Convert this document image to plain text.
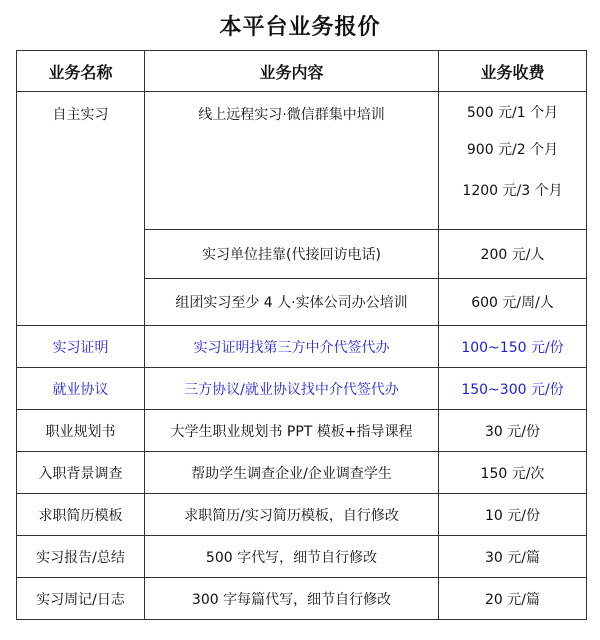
本平台业务报价
业务名称	业务内容	业务收费
自主实习	线上远程实习·微信群集中培训	500 元/1 个月
900 元/2 个月
1200 元/3 个月

	实习单位挂靠(代接回访电话)	200 元/人
	组团实习至少 4 人·实体公司办公培训	600 元/周/人
实习证明	实习证明找第三方中介代签代办	100~150 元/份
就业协议	三方协议/就业协议找中介代签代办	150~300 元/份
职业规划书	大学生职业规划书 PPT 模板+指导课程	30 元/份
入职背景调查	帮助学生调查企业/企业调查学生	150 元/次
求职简历模板	求职简历/实习简历模板，自行修改	10 元/份
实习报告/总结	500 字代写，细节自行修改	30 元/篇
实习周记/日志	300 字每篇代写，细节自行修改	20 元/篇
